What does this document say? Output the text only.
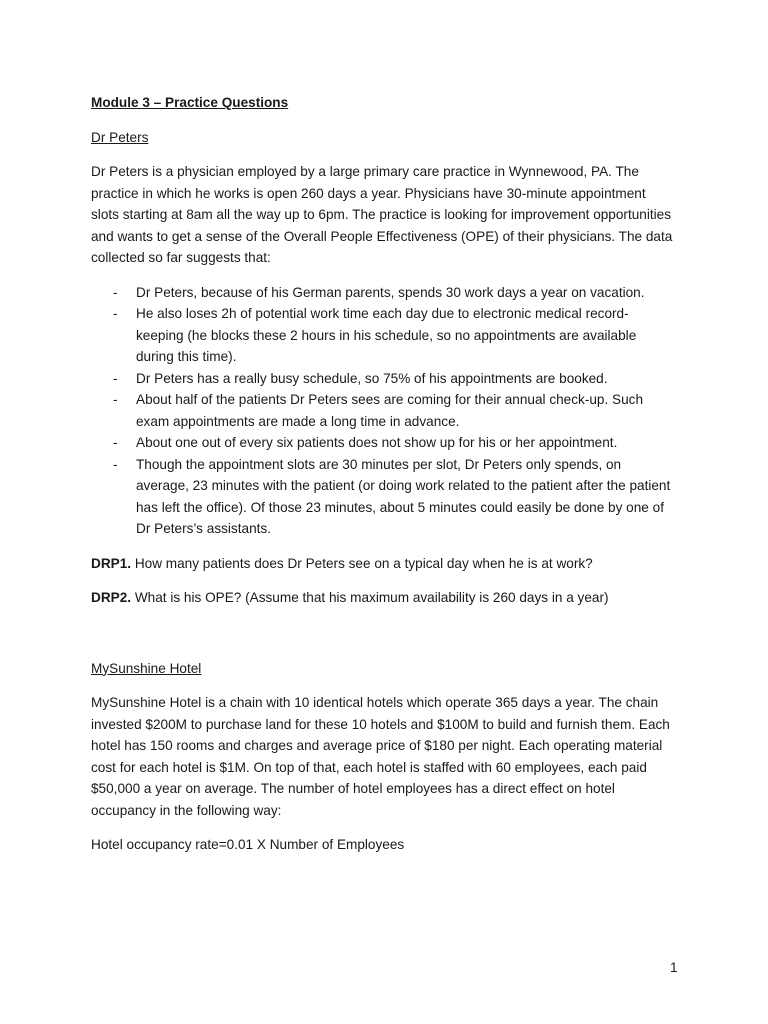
Module 3 – Practice Questions
Dr Peters

Dr Peters is a physician employed by a large primary care practice in Wynnewood, PA. The practice in which he works is open 260 days a year. Physicians have 30-minute appointment slots starting at 8am all the way up to 6pm. The practice is looking for improvement opportunities and wants to get a sense of the Overall People Effectiveness (OPE) of their physicians. The data collected so far suggests that:

- Dr Peters, because of his German parents, spends 30 work days a year on vacation.
- He also loses 2h of potential work time each day due to electronic medical record-keeping (he blocks these 2 hours in his schedule, so no appointments are available during this time).
- Dr Peters has a really busy schedule, so 75% of his appointments are booked.
- About half of the patients Dr Peters sees are coming for their annual check-up. Such exam appointments are made a long time in advance.
- About one out of every six patients does not show up for his or her appointment.
- Though the appointment slots are 30 minutes per slot, Dr Peters only spends, on average, 23 minutes with the patient (or doing work related to the patient after the patient has left the office). Of those 23 minutes, about 5 minutes could easily be done by one of Dr Peters’s assistants.
DRP1. How many patients does Dr Peters see on a typical day when he is at work?
DRP2. What is his OPE? (Assume that his maximum availability is 260 days in a year)
MySunshine Hotel

MySunshine Hotel is a chain with 10 identical hotels which operate 365 days a year. The chain invested $200M to purchase land for these 10 hotels and $100M to build and furnish them. Each hotel has 150 rooms and charges and average price of $180 per night. Each operating material cost for each hotel is $1M. On top of that, each hotel is staffed with 60 employees, each paid $50,000 a year on average. The number of hotel employees has a direct effect on hotel occupancy in the following way:

Hotel occupancy rate=0.01 X Number of Employees

1
